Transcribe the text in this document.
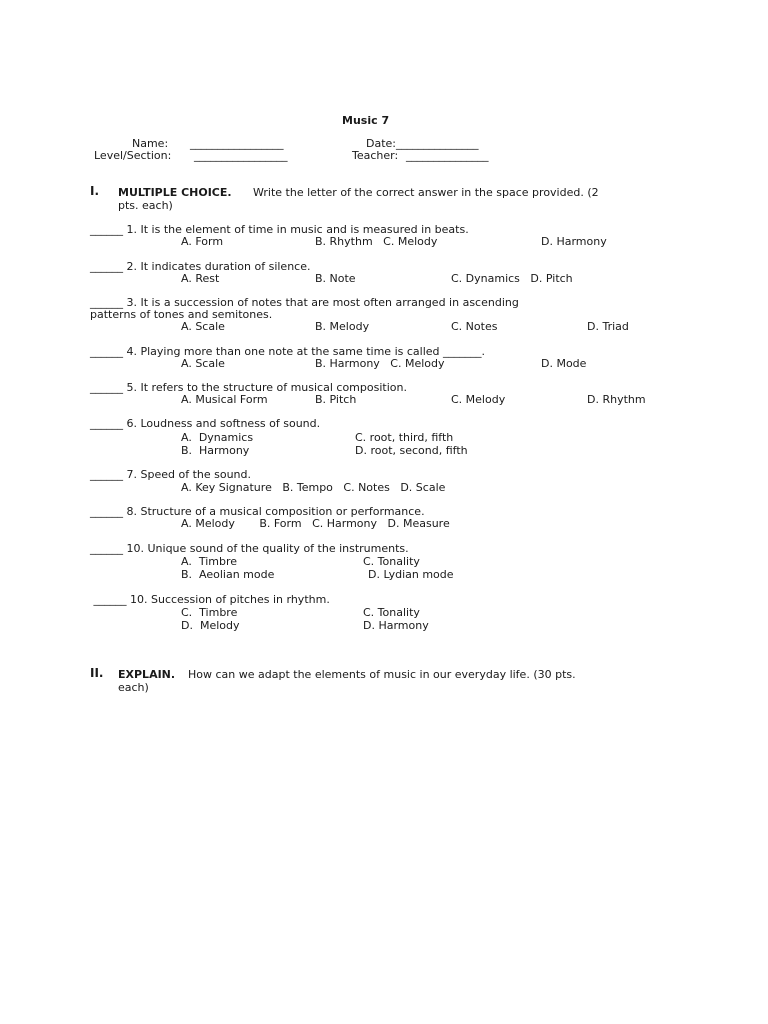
Music 7
Name: _________________	Date: _______________
Level/Section: _________________	Teacher: _______________
I. MULTIPLE CHOICE. Write the letter of the correct answer in the space provided. (2
pts. each)
______ 1. It is the element of time in music and is measured in beats.
A. Form	B. Rhythm   C. Melody	D. Harmony
______ 2. It indicates duration of silence.
A. Rest	B. Note	C. Dynamics   D. Pitch
______ 3. It is a succession of notes that are most often arranged in ascending
patterns of tones and semitones.
A. Scale	B. Melody	C. Notes	D. Triad
______ 4. Playing more than one note at the same time is called _______.
A. Scale	B. Harmony   C. Melody	D. Mode
______ 5. It refers to the structure of musical composition.
A. Musical Form	B. Pitch	C. Melody	D. Rhythm
______ 6. Loudness and softness of sound.
A.  Dynamics	C. root, third, fifth
B.  Harmony	D. root, second, fifth
______ 7. Speed of the sound.
A. Key Signature   B. Tempo   C. Notes   D. Scale
______ 8. Structure of a musical composition or performance.
A. Melody       B. Form   C. Harmony   D. Measure
______ 10. Unique sound of the quality of the instruments.
A.  Timbre	C. Tonality
B.  Aeolian mode	D. Lydian mode
______ 10. Succession of pitches in rhythm.
C.  Timbre	C. Tonality
D.  Melody	D. Harmony
II. EXPLAIN. How can we adapt the elements of music in our everyday life. (30 pts.
each)
